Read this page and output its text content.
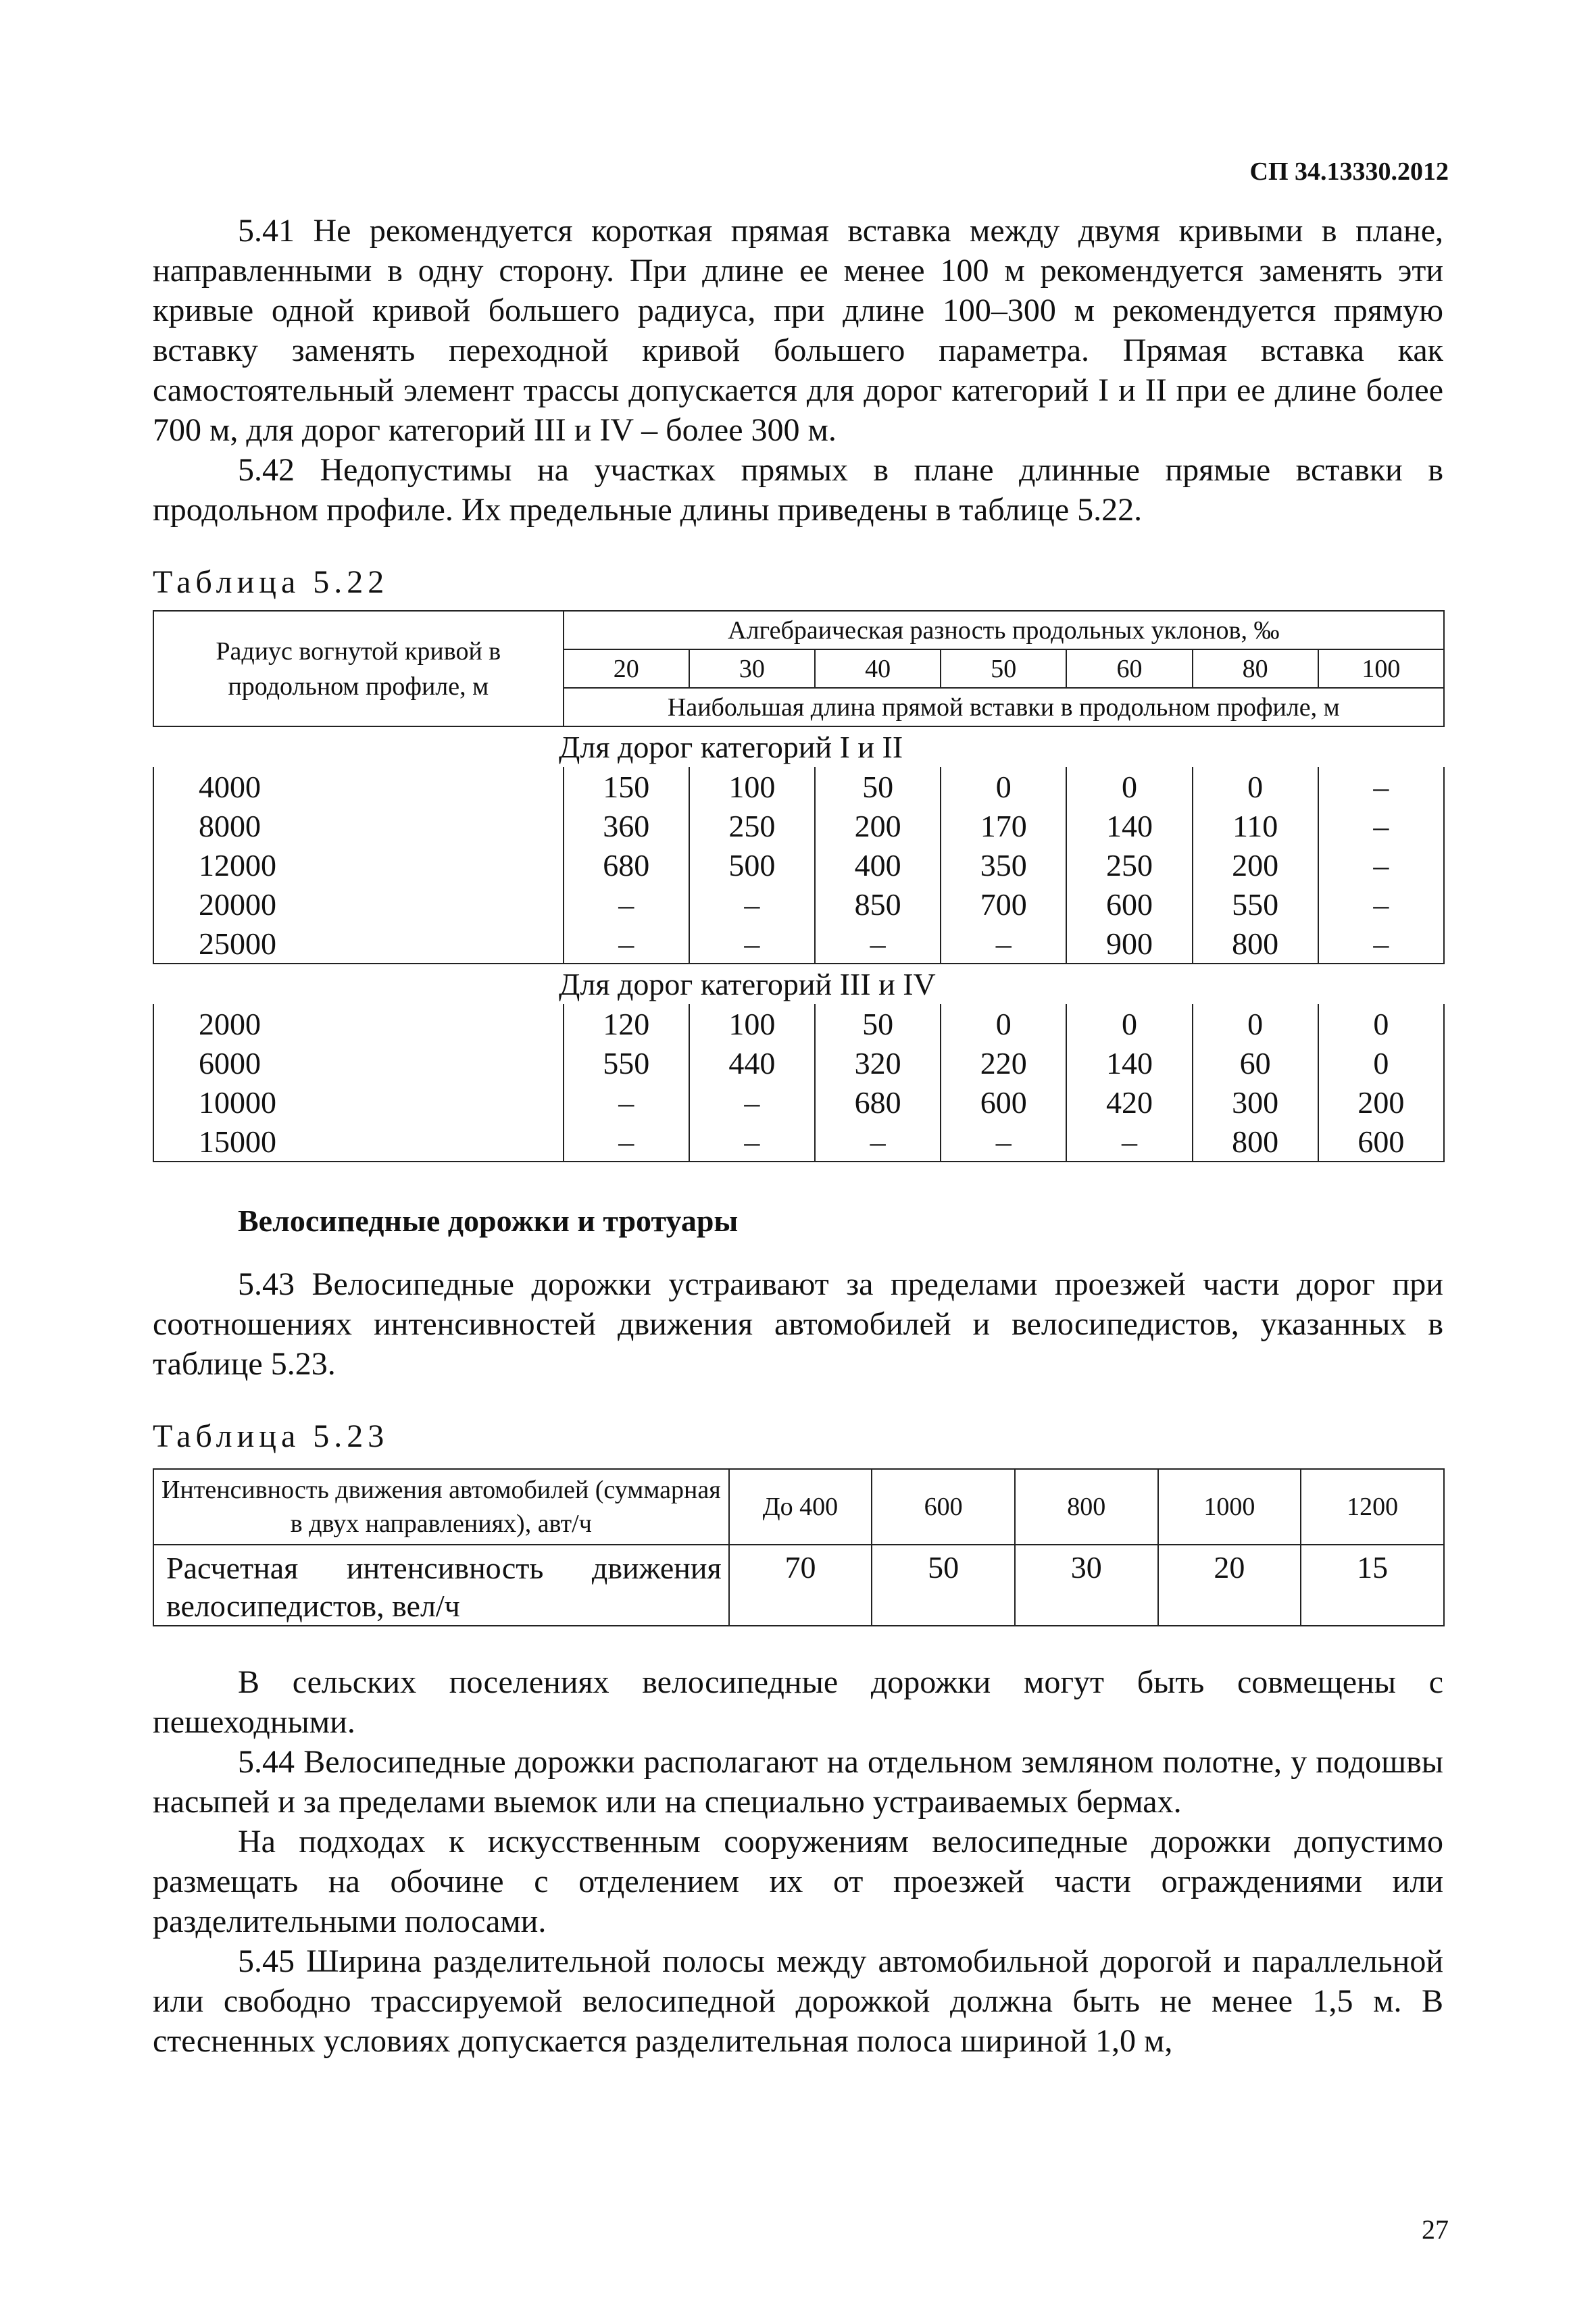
СП 34.13330.2012

5.41 Не рекомендуется короткая прямая вставка между двумя кривыми в плане, направленными в одну сторону. При длине ее менее 100 м рекомендуется заменять эти кривые одной кривой большего радиуса, при длине 100–300 м рекомендуется прямую вставку заменять переходной кривой большего параметра. Прямая вставка как самостоятельный элемент трассы допускается для дорог категорий I и II при ее длине более 700 м, для дорог категорий III и IV – более 300 м.

5.42 Недопустимы на участках прямых в плане длинные прямые вставки в продольном профиле. Их предельные длины приведены в таблице 5.22.

Таблица 5.22
Радиус вогнутой кривой в продольном профиле, м	Алгебраическая разность продольных уклонов, ‰						
	20	30	40	50	60	80	100
	Наибольшая длина прямой вставки в продольном профиле, м						
Для дорог категорий I и II							
4000	150	100	50	0	0	0	–
8000	360	250	200	170	140	110	–
12000	680	500	400	350	250	200	–
20000	–	–	850	700	600	550	–
25000	–	–	–	–	900	800	–
Для дорог категорий III и IV							
2000	120	100	50	0	0	0	0
6000	550	440	320	220	140	60	0
10000	–	–	680	600	420	300	200
15000	–	–	–	–	–	800	600
Велосипедные дорожки и тротуары

5.43 Велосипедные дорожки устраивают за пределами проезжей части дорог при соотношениях интенсивностей движения автомобилей и велосипедистов, указанных в таблице 5.23.

Таблица 5.23
Интенсивность движения автомобилей (суммарная в двух направлениях), авт/ч	До 400	600	800	1000	1200

Расчетная интенсивность движения
велосипедистов, вел/ч	70	50	30	20	15

В сельских поселениях велосипедные дорожки могут быть совмещены с пешеходными.

5.44 Велосипедные дорожки располагают на отдельном земляном полотне, у подошвы насыпей и за пределами выемок или на специально устраиваемых бермах.

На подходах к искусственным сооружениям велосипедные дорожки допустимо размещать на обочине с отделением их от проезжей части ограждениями или разделительными полосами.

5.45 Ширина разделительной полосы между автомобильной дорогой и параллельной или свободно трассируемой велосипедной дорожкой должна быть не менее 1,5 м. В стесненных условиях допускается разделительная полоса шириной 1,0 м,

27
